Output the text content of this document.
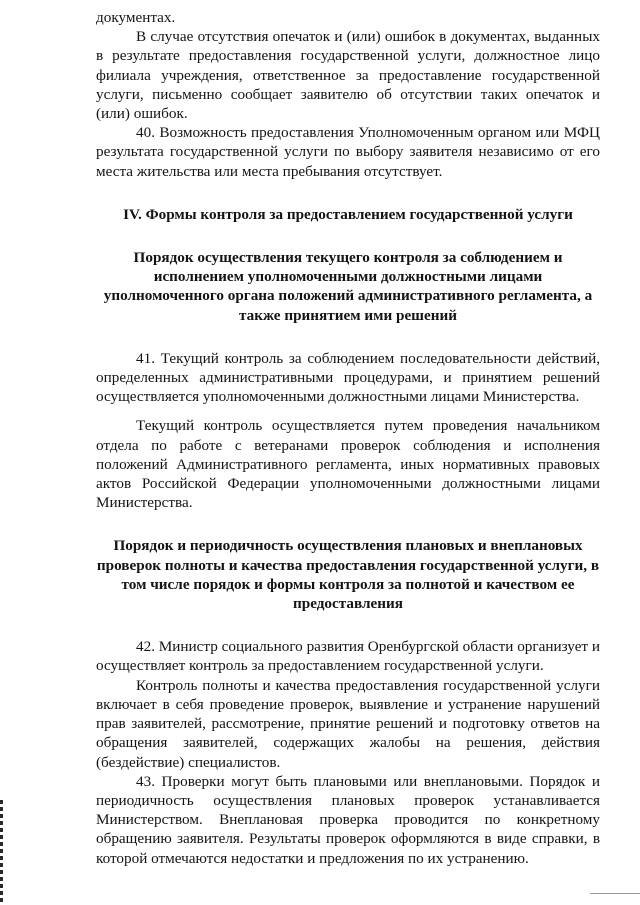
документах.

В случае отсутствия опечаток и (или) ошибок в документах, выданных в результате предоставления государственной услуги, должностное лицо филиала учреждения, ответственное за предоставление государственной услуги, письменно сообщает заявителю об отсутствии таких опечаток и (или) ошибок.

40. Возможность предоставления Уполномоченным органом или МФЦ результата государственной услуги по выбору заявителя независимо от его места жительства или места пребывания отсутствует.

IV. Формы контроля за предоставлением государственной услуги
Порядок осуществления текущего контроля за соблюдением и исполнением уполномоченными должностными лицами уполномоченного органа положений административного регламента, а также принятием ими решений

41. Текущий контроль за соблюдением последовательности действий, определенных административными процедурами, и принятием решений осуществляется уполномоченными должностными лицами Министерства.

Текущий контроль осуществляется путем проведения начальником отдела по работе с ветеранами проверок соблюдения и исполнения положений Административного регламента, иных нормативных правовых актов Российской Федерации уполномоченными должностными лицами Министерства.

Порядок и периодичность осуществления плановых и внеплановых проверок полноты и качества предоставления государственной услуги, в том числе порядок и формы контроля за полнотой и качеством ее предоставления

42. Министр социального развития Оренбургской области организует и осуществляет контроль за предоставлением государственной услуги.

Контроль полноты и качества предоставления государственной услуги включает в себя проведение проверок, выявление и устранение нарушений прав заявителей, рассмотрение, принятие решений и подготовку ответов на обращения заявителей, содержащих жалобы на решения, действия (бездействие) специалистов.

43. Проверки могут быть плановыми или внеплановыми. Порядок и периодичность осуществления плановых проверок устанавливается Министерством. Внеплановая проверка проводится по конкретному обращению заявителя. Результаты проверок оформляются в виде справки, в которой отмечаются недостатки и предложения по их устранению.
